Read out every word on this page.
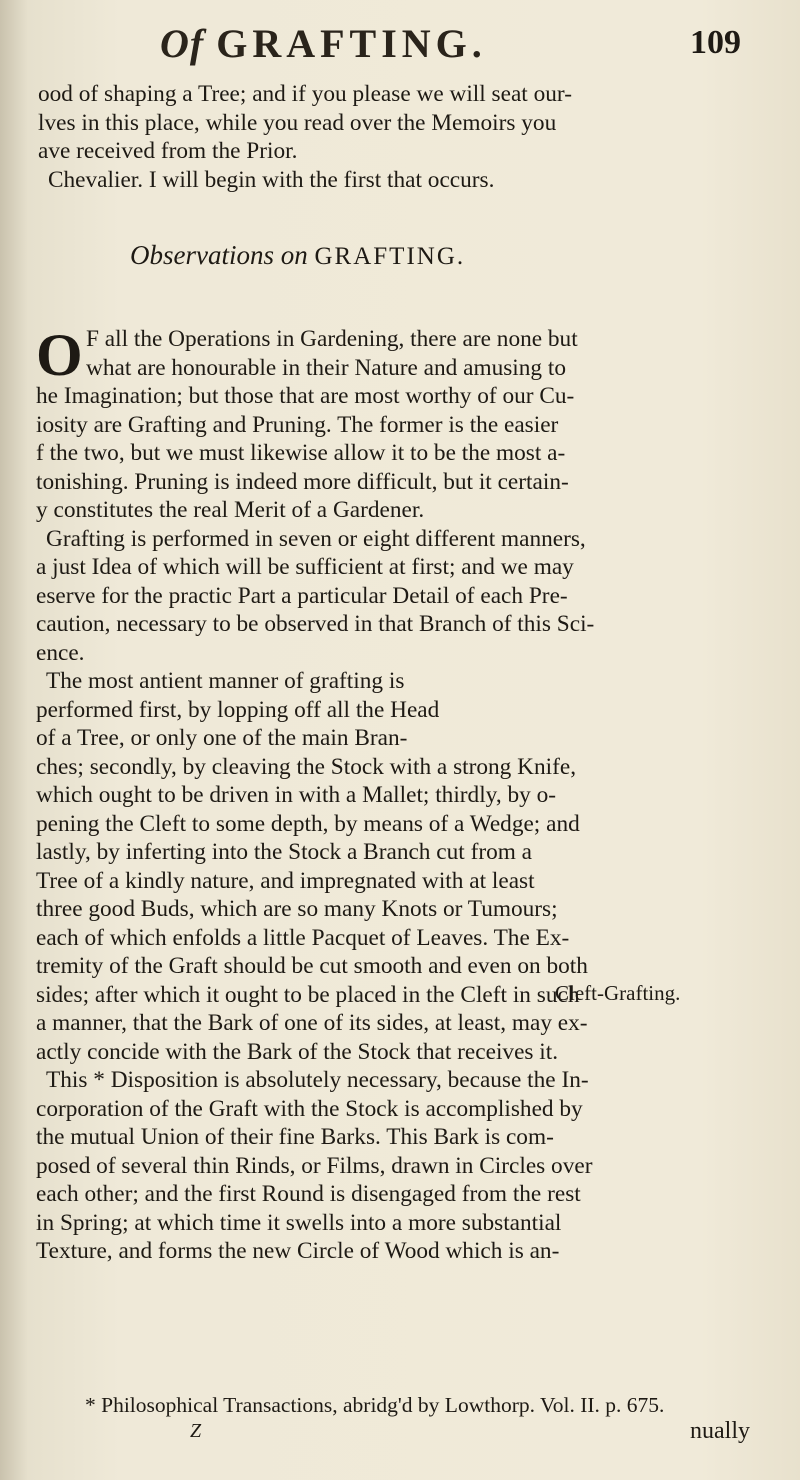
Of GRAFTING.	109
ood of shaping a Tree; and if you please we will seat our-
lves in this place, while you read over the Memoirs you
ave received from the Prior.
Chevalier. I will begin with the first that occurs.
Observations on GRAFTING.
O F all the Operations in Gardening, there are none but
what are honourable in their Nature and amusing to
he Imagination; but those that are most worthy of our Cu-
iosity are Grafting and Pruning. The former is the easier
f the two, but we must likewise allow it to be the most a-
tonishing. Pruning is indeed more difficult, but it certain-
y constitutes the real Merit of a Gardener.
Grafting is performed in seven or eight different manners,
a just Idea of which will be sufficient at first; and we may
eserve for the practic Part a particular Detail of each Pre-
caution, necessary to be observed in that Branch of this Sci-
ence.
The most antient manner of grafting is
performed first, by lopping off all the Head
of a Tree, or only one of the main Bran-
ches; secondly, by cleaving the Stock with a strong Knife,
which ought to be driven in with a Mallet; thirdly, by o-
pening the Cleft to some depth, by means of a Wedge; and
lastly, by inferting into the Stock a Branch cut from a
Tree of a kindly nature, and impregnated with at least
three good Buds, which are so many Knots or Tumours;
each of which enfolds a little Pacquet of Leaves. The Ex-
tremity of the Graft should be cut smooth and even on both
sides; after which it ought to be placed in the Cleft in such
a manner, that the Bark of one of its sides, at least, may ex-
actly concide with the Bark of the Stock that receives it.
This * Disposition is absolutely necessary, because the In-
corporation of the Graft with the Stock is accomplished by
the mutual Union of their fine Barks. This Bark is com-
posed of several thin Rinds, or Films, drawn in Circles over
each other; and the first Round is disengaged from the rest
in Spring; at which time it swells into a more substantial
Texture, and forms the new Circle of Wood which is an-
Cleft-Grafting.
* Philosophical Transactions, abridg'd by Lowthorp. Vol. II. p. 675.
Z	nually
